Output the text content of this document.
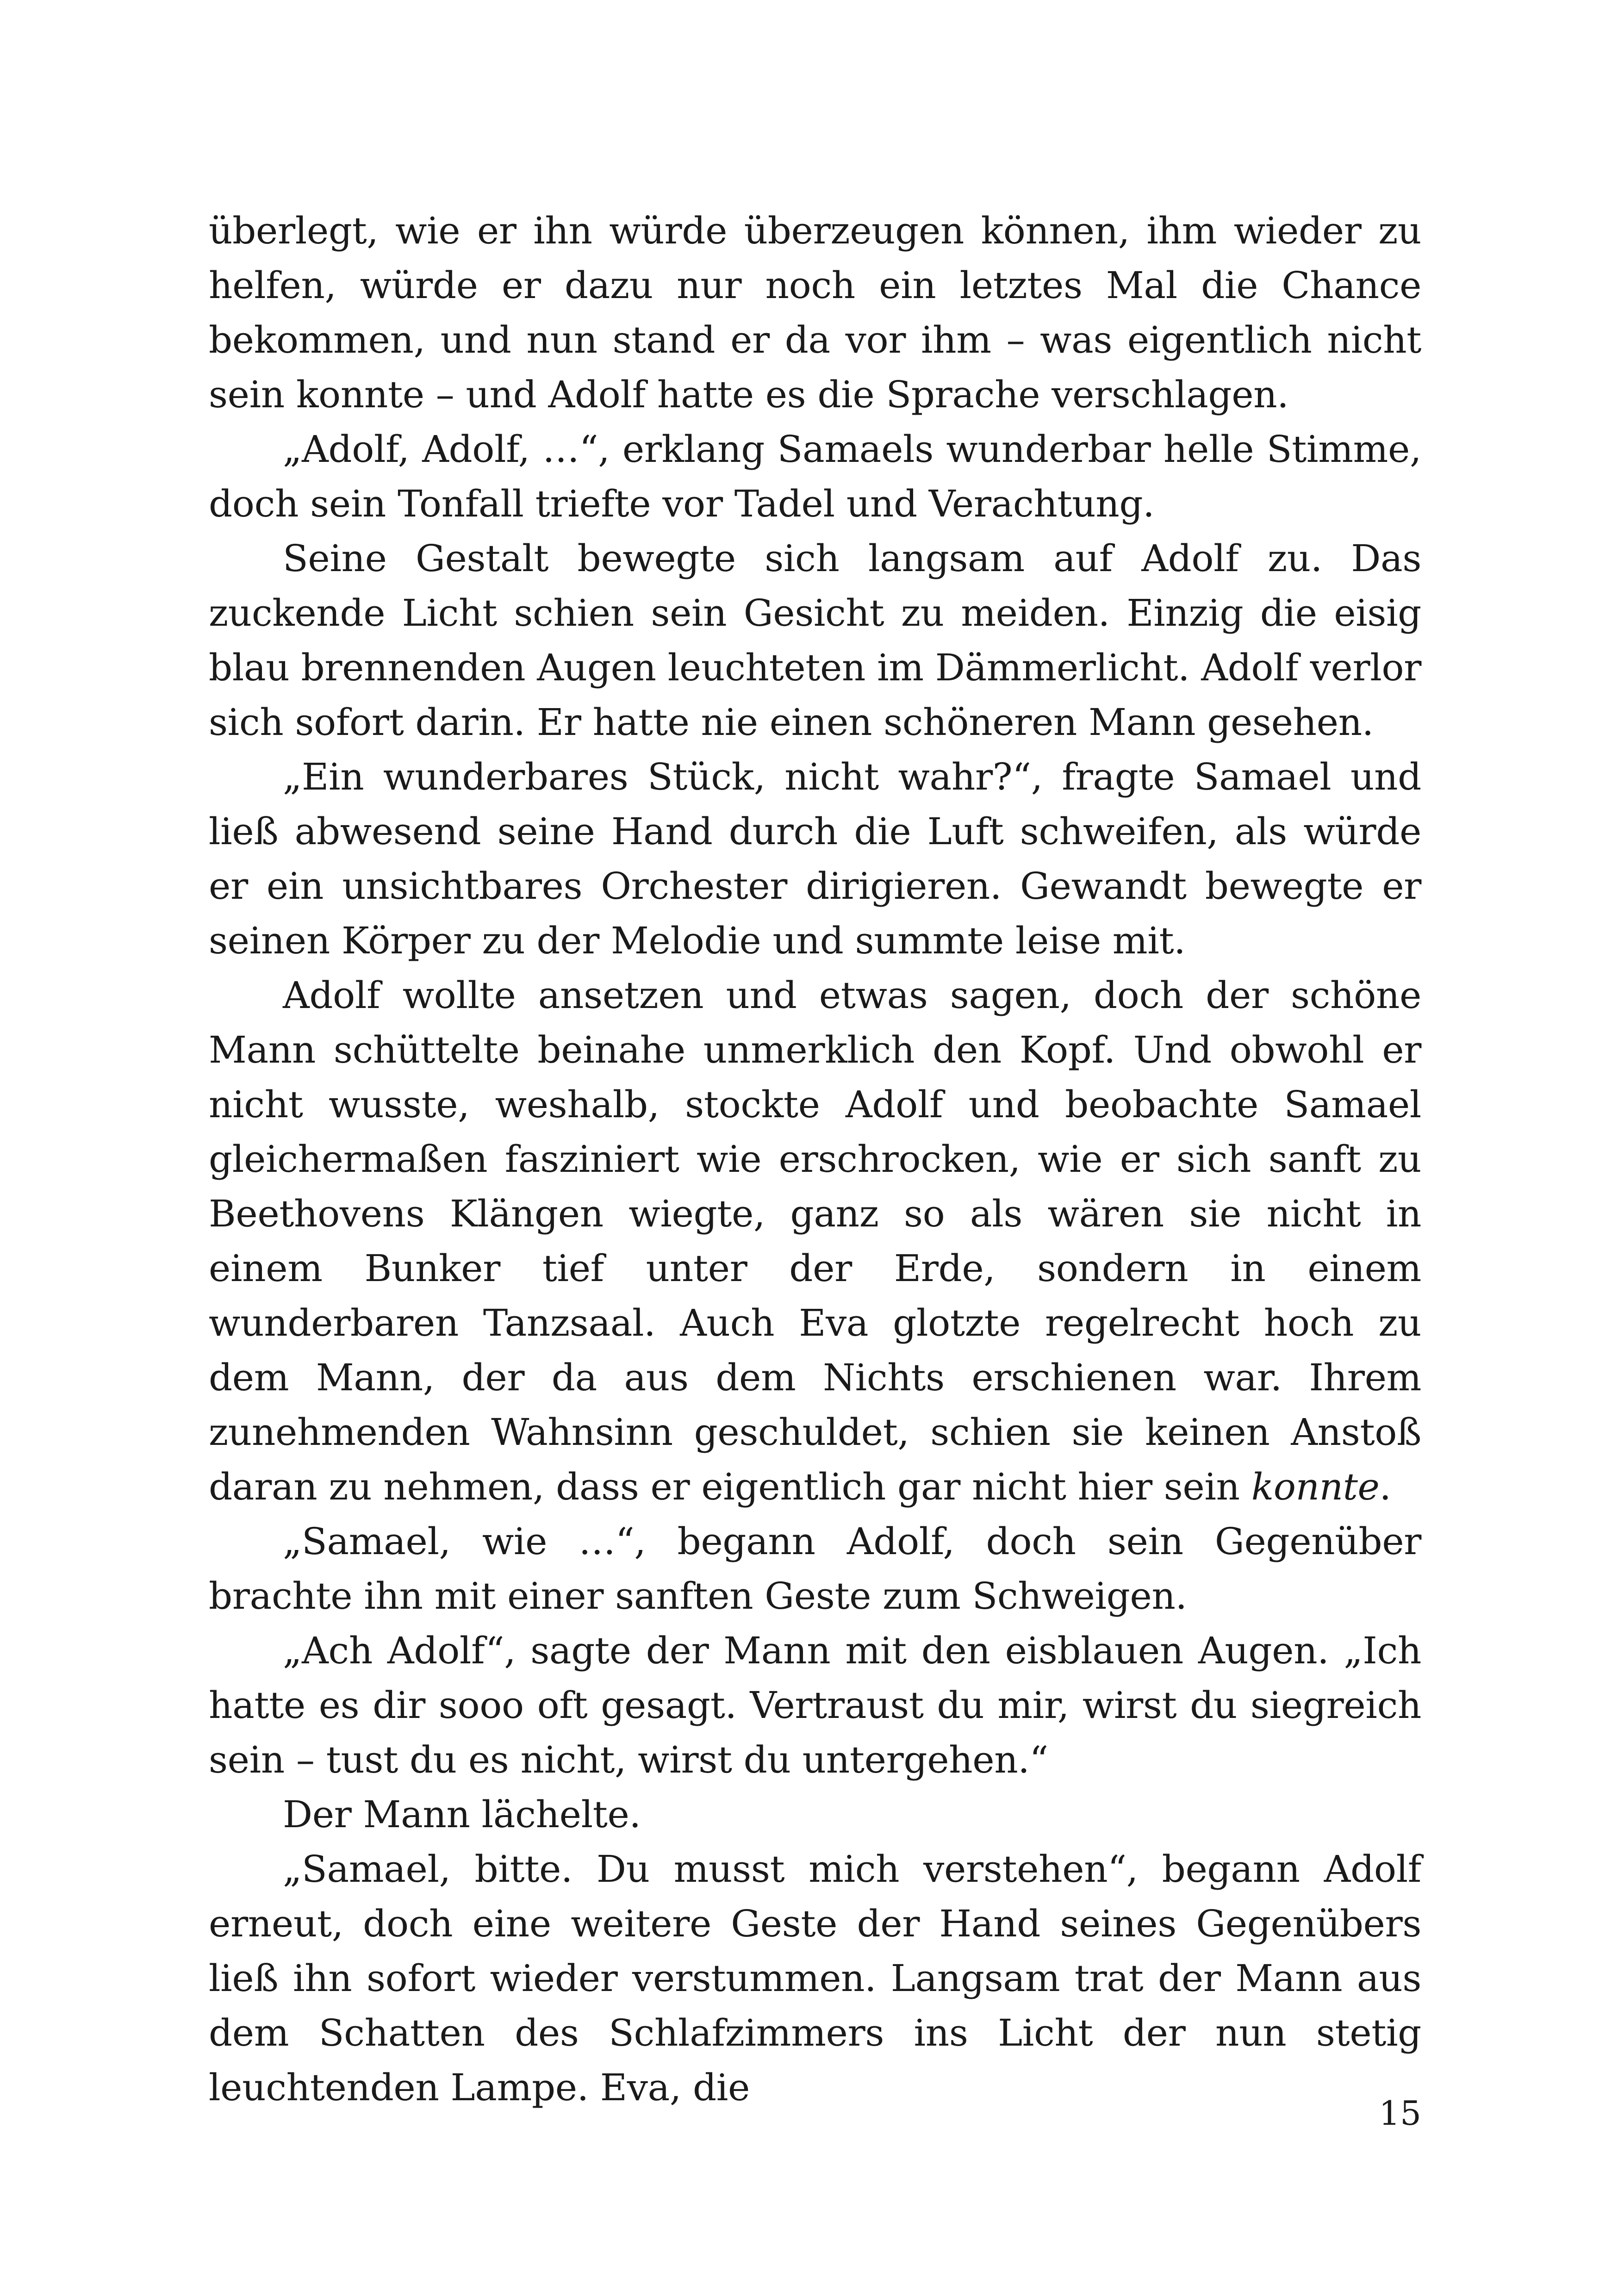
überlegt, wie er ihn würde überzeugen können, ihm wieder zu helfen, würde er dazu nur noch ein letztes Mal die Chance bekommen, und nun stand er da vor ihm – was eigentlich nicht sein konnte – und Adolf hatte es die Sprache verschlagen.

„Adolf, Adolf, …“, erklang Samaels wunderbar helle Stimme, doch sein Tonfall triefte vor Tadel und Verachtung.

Seine Gestalt bewegte sich langsam auf Adolf zu. Das zuckende Licht schien sein Gesicht zu meiden. Einzig die eisig blau brennenden Augen leuchteten im Dämmerlicht. Adolf verlor sich sofort darin. Er hatte nie einen schöneren Mann gesehen.

„Ein wunderbares Stück, nicht wahr?“, fragte Samael und ließ abwesend seine Hand durch die Luft schweifen, als würde er ein unsichtbares Orchester dirigieren. Gewandt bewegte er seinen Körper zu der Melodie und summte leise mit.

Adolf wollte ansetzen und etwas sagen, doch der schöne Mann schüttelte beinahe unmerklich den Kopf. Und obwohl er nicht wusste, weshalb, stockte Adolf und beobachte Samael gleichermaßen fasziniert wie erschrocken, wie er sich sanft zu Beethovens Klängen wiegte, ganz so als wären sie nicht in einem Bunker tief unter der Erde, sondern in einem wunderbaren Tanzsaal. Auch Eva glotzte regelrecht hoch zu dem Mann, der da aus dem Nichts erschienen war. Ihrem zunehmenden Wahnsinn geschuldet, schien sie keinen Anstoß daran zu nehmen, dass er eigentlich gar nicht hier sein konnte.

„Samael, wie …“, begann Adolf, doch sein Gegenüber brachte ihn mit einer sanften Geste zum Schweigen.

„Ach Adolf“, sagte der Mann mit den eisblauen Augen. „Ich hatte es dir sooo oft gesagt. Vertraust du mir, wirst du siegreich sein – tust du es nicht, wirst du untergehen.“

Der Mann lächelte.

„Samael, bitte. Du musst mich verstehen“, begann Adolf erneut, doch eine weitere Geste der Hand seines Gegenübers ließ ihn sofort wieder verstummen. Langsam trat der Mann aus dem Schatten des Schlafzimmers ins Licht der nun stetig leuchtenden Lampe. Eva, die

15
